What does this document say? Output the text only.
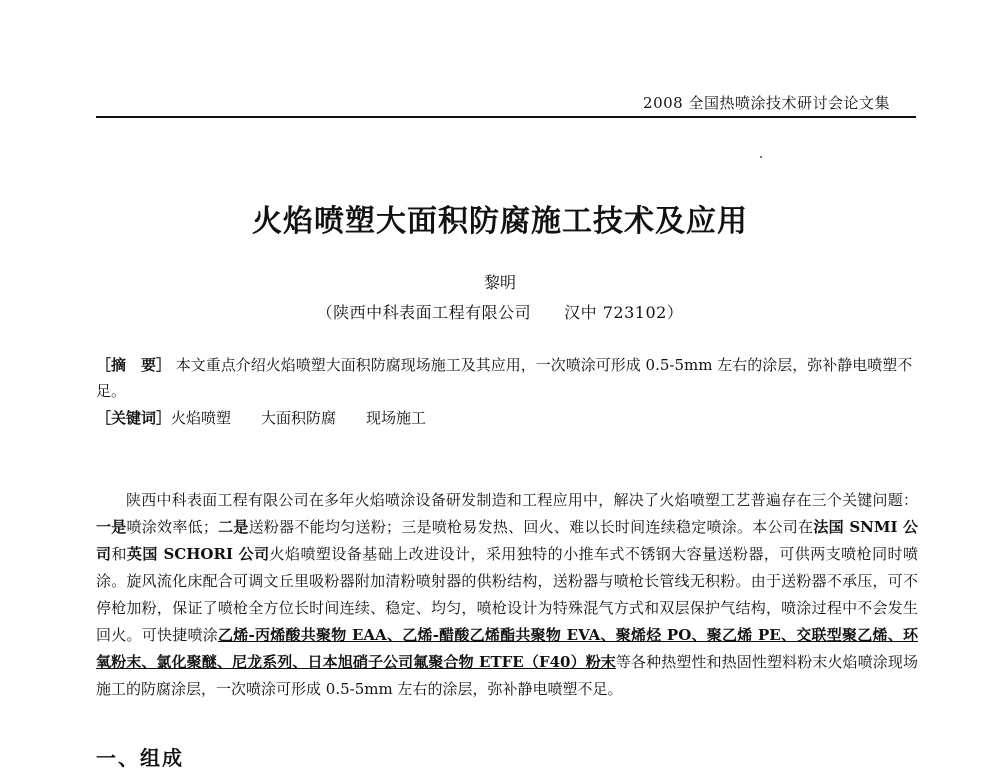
2008 全国热喷涂技术研讨会论文集
火焰喷塑大面积防腐施工技术及应用
黎明
（陕西中科表面工程有限公司　　汉中 723102）
［摘　要］ 本文重点介绍火焰喷塑大面积防腐现场施工及其应用，一次喷涂可形成 0.5-5mm 左右的涂层，弥补静电喷塑不足。
［关键词］火焰喷塑 大面积防腐 现场施工

陕西中科表面工程有限公司在多年火焰喷涂设备研发制造和工程应用中，解决了火焰喷塑工艺普遍存在三个关键问题：一是喷涂效率低；二是送粉器不能均匀送粉；三是喷枪易发热、回火、难以长时间连续稳定喷涂。本公司在法国 SNMI 公司和英国 SCHORI 公司火焰喷塑设备基础上改进设计，采用独特的小推车式不锈钢大容量送粉器，可供两支喷枪同时喷涂。旋风流化床配合可调文丘里吸粉器附加清粉喷射器的供粉结构，送粉器与喷枪长管线无积粉。由于送粉器不承压，可不停枪加粉，保证了喷枪全方位长时间连续、稳定、均匀，喷枪设计为特殊混气方式和双层保护气结构，喷涂过程中不会发生回火。可快捷喷涂乙烯-丙烯酸共聚物 EAA、乙烯-醋酸乙烯酯共聚物 EVA、聚烯烃 PO、聚乙烯 PE、交联型聚乙烯、环氧粉末、氯化聚醚、尼龙系列、日本旭硝子公司氟聚合物 ETFE（F40）粉末等各种热塑性和热固性塑料粉末火焰喷涂现场施工的防腐涂层，一次喷涂可形成 0.5-5mm 左右的涂层，弥补静电喷塑不足。

一、组成
